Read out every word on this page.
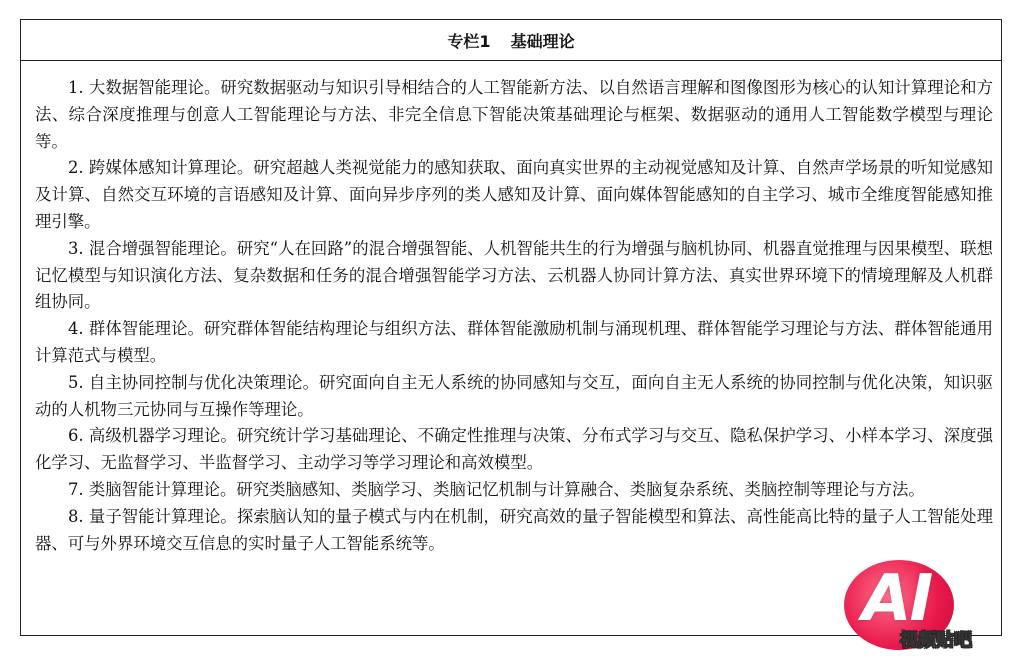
专栏1 基础理论

1. 大数据智能理论。研究数据驱动与知识引导相结合的人工智能新方法、以自然语言理解和图像图形为核心的认知计算理论和方法、综合深度推理与创意人工智能理论与方法、非完全信息下智能决策基础理论与框架、数据驱动的通用人工智能数学模型与理论等。

2. 跨媒体感知计算理论。研究超越人类视觉能力的感知获取、面向真实世界的主动视觉感知及计算、自然声学场景的听知觉感知及计算、自然交互环境的言语感知及计算、面向异步序列的类人感知及计算、面向媒体智能感知的自主学习、城市全维度智能感知推理引擎。

3. 混合增强智能理论。研究“人在回路”的混合增强智能、人机智能共生的行为增强与脑机协同、机器直觉推理与因果模型、联想记忆模型与知识演化方法、复杂数据和任务的混合增强智能学习方法、云机器人协同计算方法、真实世界环境下的情境理解及人机群组协同。

4. 群体智能理论。研究群体智能结构理论与组织方法、群体智能激励机制与涌现机理、群体智能学习理论与方法、群体智能通用计算范式与模型。

5. 自主协同控制与优化决策理论。研究面向自主无人系统的协同感知与交互，面向自主无人系统的协同控制与优化决策，知识驱动的人机物三元协同与互操作等理论。

6. 高级机器学习理论。研究统计学习基础理论、不确定性推理与决策、分布式学习与交互、隐私保护学习、小样本学习、深度强化学习、无监督学习、半监督学习、主动学习等学习理论和高效模型。

7. 类脑智能计算理论。研究类脑感知、类脑学习、类脑记忆机制与计算融合、类脑复杂系统、类脑控制等理论与方法。

8. 量子智能计算理论。探索脑认知的量子模式与内在机制，研究高效的量子智能模型和算法、高性能高比特的量子人工智能处理器、可与外界环境交互信息的实时量子人工智能系统等。

AI
视频贴吧
